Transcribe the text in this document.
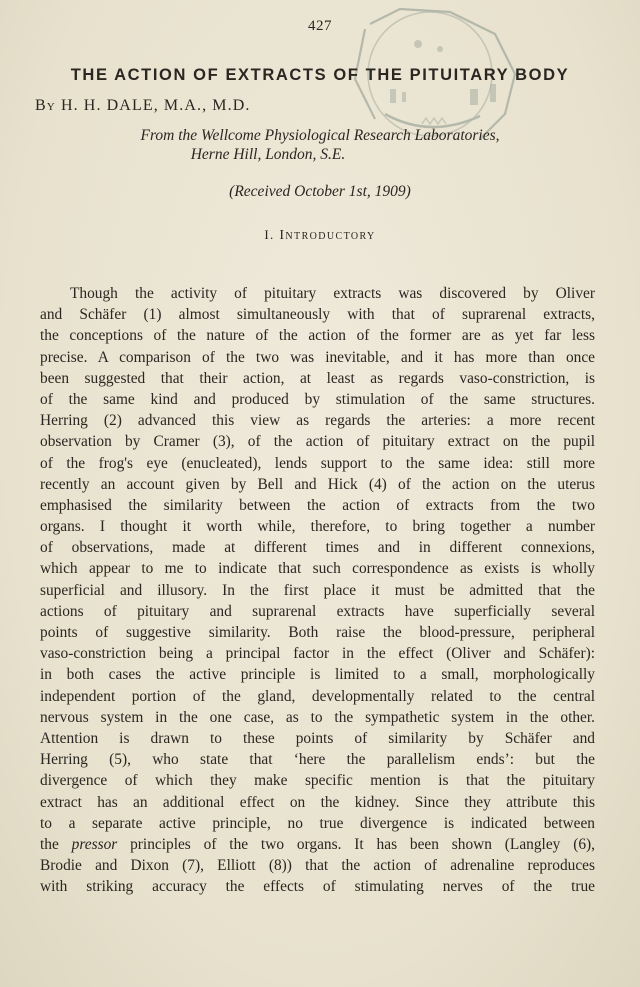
427
THE ACTION OF EXTRACTS OF THE PITUITARY BODY
By H. H. DALE, M.A., M.D.
From the Wellcome Physiological Research Laboratories,
Herne Hill, London, S.E.
(Received October 1st, 1909)
I. Introductory
Though the activity of pituitary extracts was discovered by Oliver
and Schäfer (1) almost simultaneously with that of suprarenal extracts,
the conceptions of the nature of the action of the former are as yet far less
precise. A comparison of the two was inevitable, and it has more than once
been suggested that their action, at least as regards vaso-constriction, is
of the same kind and produced by stimulation of the same structures.
Herring (2) advanced this view as regards the arteries: a more recent
observation by Cramer (3), of the action of pituitary extract on the pupil
of the frog's eye (enucleated), lends support to the same idea: still more
recently an account given by Bell and Hick (4) of the action on the uterus
emphasised the similarity between the action of extracts from the two
organs. I thought it worth while, therefore, to bring together a number
of observations, made at different times and in different connexions,
which appear to me to indicate that such correspondence as exists is wholly
superficial and illusory. In the first place it must be admitted that the
actions of pituitary and suprarenal extracts have superficially several
points of suggestive similarity. Both raise the blood-pressure, peripheral
vaso-constriction being a principal factor in the effect (Oliver and Schäfer):
in both cases the active principle is limited to a small, morphologically
independent portion of the gland, developmentally related to the central
nervous system in the one case, as to the sympathetic system in the other.
Attention is drawn to these points of similarity by Schäfer and
Herring (5), who state that ‘here the parallelism ends’: but the
divergence of which they make specific mention is that the pituitary
extract has an additional effect on the kidney. Since they attribute this
to a separate active principle, no true divergence is indicated between
the pressor principles of the two organs. It has been shown (Langley (6),
Brodie and Dixon (7), Elliott (8)) that the action of adrenaline reproduces
with striking accuracy the effects of stimulating nerves of the true
